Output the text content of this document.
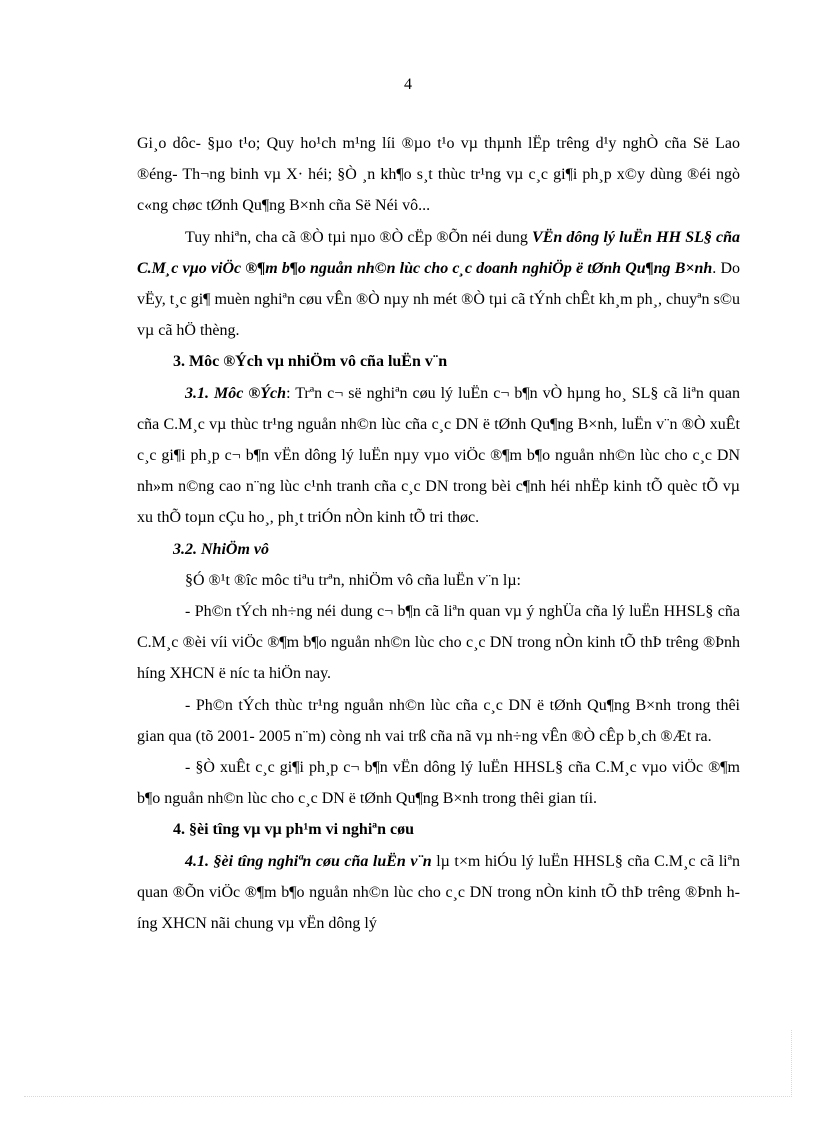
4

Gi¸o dôc- §µo t¹o; Quy ho¹ch m¹ng líi ®µo t¹o vµ thµnh lËp trêng d¹y nghÒ cña Së Lao ®éng- Th¬ng binh vµ X· héi; §Ò ¸n kh¶o s¸t thùc tr¹ng vµ c¸c gi¶i ph¸p x©y dùng ®éi ngò c«ng chøc tØnh Qu¶ng B×nh cña Së Néi vô...

Tuy nhiªn, cha cã ®Ò tµi nµo ®Ò cËp ®Õn néi dung VËn dông lý luËn HH SL§ cña C.M¸c vµo viÖc ®¶m b¶o nguån nh©n lùc cho c¸c doanh nghiÖp ë tØnh Qu¶ng B×nh. Do vËy, t¸c gi¶ muèn nghiªn cøu vÊn ®Ò nµy nh mét ®Ò tµi cã tÝnh chÊt kh¸m ph¸, chuyªn s©u vµ cã hÖ thèng.

3. Môc ®Ých vµ nhiÖm vô cña luËn v¨n

3.1. Môc ®Ých: Trªn c¬ së nghiªn cøu lý luËn c¬ b¶n vÒ hµng ho¸ SL§ cã liªn quan cña C.M¸c vµ thùc tr¹ng nguån nh©n lùc cña c¸c DN ë tØnh Qu¶ng B×nh, luËn v¨n ®Ò xuÊt c¸c gi¶i ph¸p c¬ b¶n vËn dông lý luËn nµy vµo viÖc ®¶m b¶o nguån nh©n lùc cho c¸c DN nh»m n©ng cao n¨ng lùc c¹nh tranh cña c¸c DN trong bèi c¶nh héi nhËp kinh tÕ quèc tÕ vµ xu thÕ toµn cÇu ho¸, ph¸t triÓn nÒn kinh tÕ tri thøc.

3.2. NhiÖm vô

§Ó ®¹t ®îc môc tiªu trªn, nhiÖm vô cña luËn v¨n lµ:

- Ph©n tÝch nh÷ng néi dung c¬ b¶n cã liªn quan vµ ý nghÜa cña lý luËn HHSL§ cña C.M¸c ®èi víi viÖc ®¶m b¶o nguån nh©n lùc cho c¸c DN trong nÒn kinh tÕ thÞ trêng ®Þnh híng XHCN ë níc ta hiÖn nay.

- Ph©n tÝch thùc tr¹ng nguån nh©n lùc cña c¸c DN ë tØnh Qu¶ng B×nh trong thêi gian qua (tõ 2001- 2005 n¨m) còng nh vai trß cña nã vµ nh÷ng vÊn ®Ò cÊp b¸ch ®Æt ra.

- §Ò xuÊt c¸c gi¶i ph¸p c¬ b¶n vËn dông lý luËn HHSL§ cña C.M¸c vµo viÖc ®¶m b¶o nguån nh©n lùc cho c¸c DN ë tØnh Qu¶ng B×nh trong thêi gian tíi.

4. §èi tîng vµ vµ ph¹m vi nghiªn cøu

4.1. §èi tîng nghiªn cøu cña luËn v¨n lµ t×m hiÓu lý luËn HHSL§ cña C.M¸c cã liªn quan ®Õn viÖc ®¶m b¶o nguån nh©n lùc cho c¸c DN trong nÒn kinh tÕ thÞ trêng ®Þnh híng XHCN nãi chung vµ vËn dông lý
